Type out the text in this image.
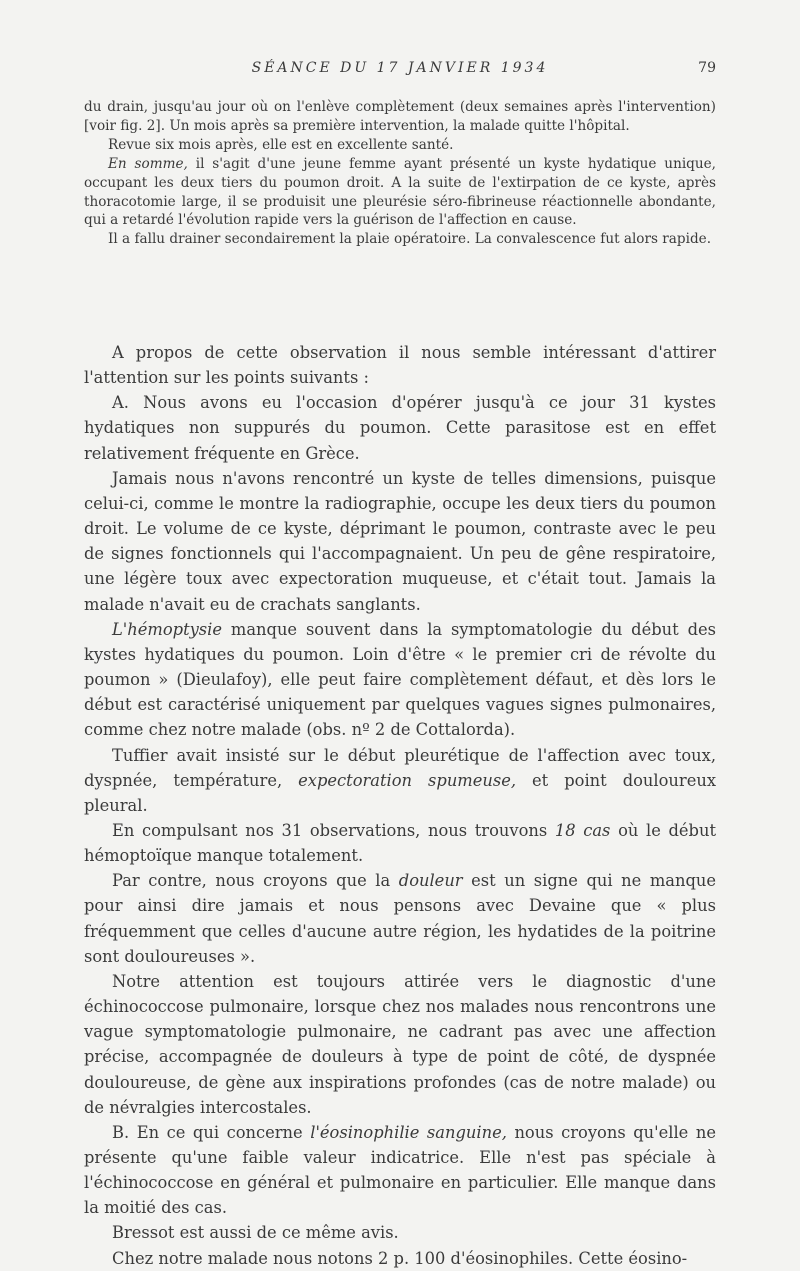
SÉANCE DU 17 JANVIER 1934	79

du drain, jusqu'au jour où on l'enlève complètement (deux semaines après l'intervention) [voir fig. 2]. Un mois après sa première intervention, la malade quitte l'hôpital.

Revue six mois après, elle est en excellente santé.

En somme, il s'agit d'une jeune femme ayant présenté un kyste hydatique unique, occupant les deux tiers du poumon droit. A la suite de l'extirpation de ce kyste, après thoracotomie large, il se produisit une pleurésie séro-fibrineuse réactionnelle abondante, qui a retardé l'évolution rapide vers la guérison de l'affection en cause.

Il a fallu drainer secondairement la plaie opératoire. La convalescence fut alors rapide.

A propos de cette observation il nous semble intéressant d'attirer l'attention sur les points suivants :

A. Nous avons eu l'occasion d'opérer jusqu'à ce jour 31 kystes hydatiques non suppurés du poumon. Cette parasitose est en effet relativement fréquente en Grèce.

Jamais nous n'avons rencontré un kyste de telles dimensions, puisque celui-ci, comme le montre la radiographie, occupe les deux tiers du poumon droit. Le volume de ce kyste, déprimant le poumon, contraste avec le peu de signes fonctionnels qui l'accompagnaient. Un peu de gêne respiratoire, une légère toux avec expectoration muqueuse, et c'était tout. Jamais la malade n'avait eu de crachats sanglants.

L'hémoptysie manque souvent dans la symptomatologie du début des kystes hydatiques du poumon. Loin d'être « le premier cri de révolte du poumon » (Dieulafoy), elle peut faire complètement défaut, et dès lors le début est caractérisé uniquement par quelques vagues signes pulmonaires, comme chez notre malade (obs. nº 2 de Cottalorda).

Tuffier avait insisté sur le début pleurétique de l'affection avec toux, dyspnée, température, expectoration spumeuse, et point douloureux pleural.

En compulsant nos 31 observations, nous trouvons 18 cas où le début hémoptoïque manque totalement.

Par contre, nous croyons que la douleur est un signe qui ne manque pour ainsi dire jamais et nous pensons avec Devaine que « plus fréquemment que celles d'aucune autre région, les hydatides de la poitrine sont douloureuses ».

Notre attention est toujours attirée vers le diagnostic d'une échinococcose pulmonaire, lorsque chez nos malades nous rencontrons une vague symptomatologie pulmonaire, ne cadrant pas avec une affection précise, accompagnée de douleurs à type de point de côté, de dyspnée douloureuse, de gène aux inspirations profondes (cas de notre malade) ou de névralgies intercostales.

B. En ce qui concerne l'éosinophilie sanguine, nous croyons qu'elle ne présente qu'une faible valeur indicatrice. Elle n'est pas spéciale à l'échinococcose en général et pulmonaire en particulier. Elle manque dans la moitié des cas.

Bressot est aussi de ce même avis.

Chez notre malade nous notons 2 p. 100 d'éosinophiles. Cette éosino-
